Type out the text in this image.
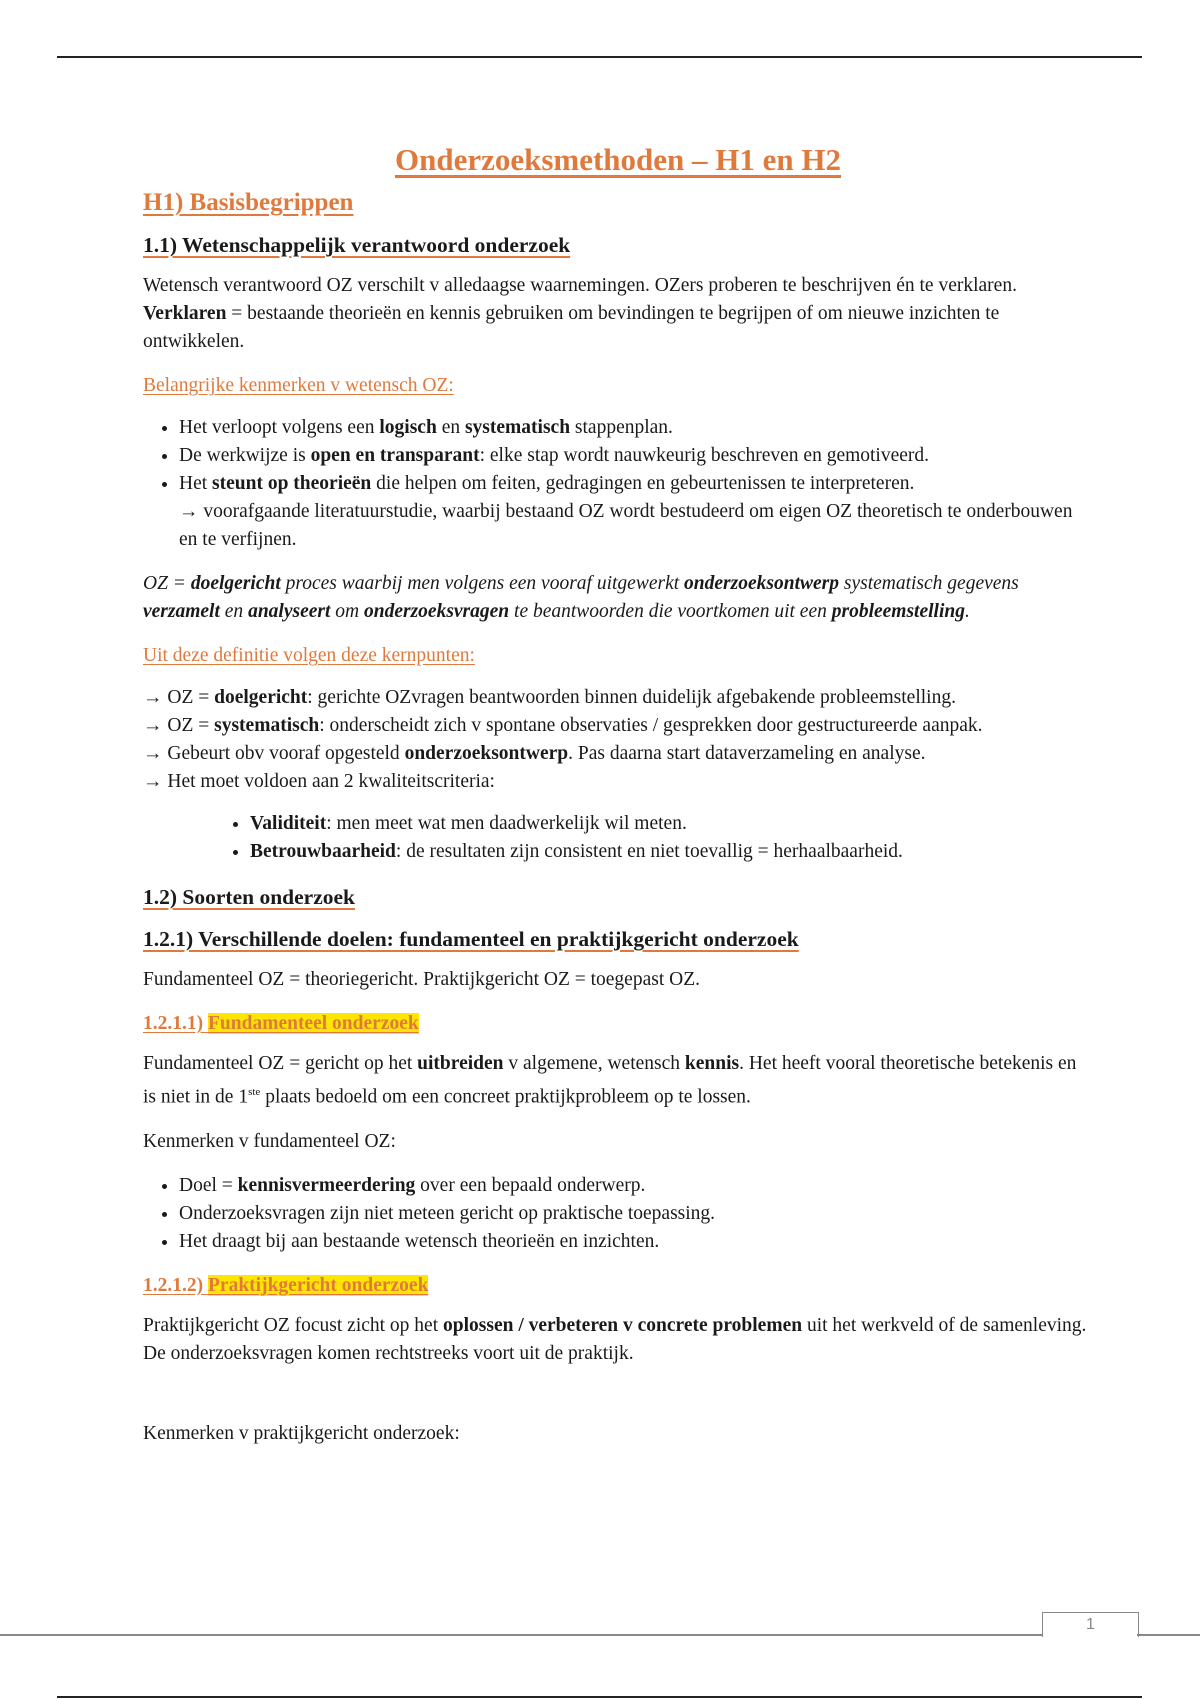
Onderzoeksmethoden – H1 en H2
H1) Basisbegrippen
1.1) Wetenschappelijk verantwoord onderzoek

Wetensch verantwoord OZ verschilt v alledaagse waarnemingen. OZers proberen te beschrijven én te verklaren. Verklaren = bestaande theorieën en kennis gebruiken om bevindingen te begrijpen of om nieuwe inzichten te ontwikkelen.

Belangrijke kenmerken v wetensch OZ:
• Het verloopt volgens een logisch en systematisch stappenplan.
• De werkwijze is open en transparant: elke stap wordt nauwkeurig beschreven en gemotiveerd.
• Het steunt op theorieën die helpen om feiten, gedragingen en gebeurtenissen te interpreteren.
→ voorafgaande literatuurstudie, waarbij bestaand OZ wordt bestudeerd om eigen OZ theoretisch te onderbouwen en te verfijnen.

OZ = doelgericht proces waarbij men volgens een vooraf uitgewerkt onderzoeksontwerp systematisch gegevens verzamelt en analyseert om onderzoeksvragen te beantwoorden die voortkomen uit een probleemstelling.

Uit deze definitie volgen deze kernpunten:
→ OZ = doelgericht: gerichte OZvragen beantwoorden binnen duidelijk afgebakende probleemstelling.
→ OZ = systematisch: onderscheidt zich v spontane observaties / gesprekken door gestructureerde aanpak.
→ Gebeurt obv vooraf opgesteld onderzoeksontwerp. Pas daarna start dataverzameling en analyse.
→ Het moet voldoen aan 2 kwaliteitscriteria:
• Validiteit: men meet wat men daadwerkelijk wil meten.
• Betrouwbaarheid: de resultaten zijn consistent en niet toevallig = herhaalbaarheid.
1.2) Soorten onderzoek
1.2.1) Verschillende doelen: fundamenteel en praktijkgericht onderzoek

Fundamenteel OZ = theoriegericht. Praktijkgericht OZ = toegepast OZ.

1.2.1.1) Fundamenteel onderzoek

Fundamenteel OZ = gericht op het uitbreiden v algemene, wetensch kennis. Het heeft vooral theoretische betekenis en is niet in de 1ste plaats bedoeld om een concreet praktijkprobleem op te lossen.

Kenmerken v fundamenteel OZ:

• Doel = kennisvermeerdering over een bepaald onderwerp.
• Onderzoeksvragen zijn niet meteen gericht op praktische toepassing.
• Het draagt bij aan bestaande wetensch theorieën en inzichten.
1.2.1.2) Praktijkgericht onderzoek

Praktijkgericht OZ focust zicht op het oplossen / verbeteren v concrete problemen uit het werkveld of de samenleving. De onderzoeksvragen komen rechtstreeks voort uit de praktijk.

Kenmerken v praktijkgericht onderzoek:

1
